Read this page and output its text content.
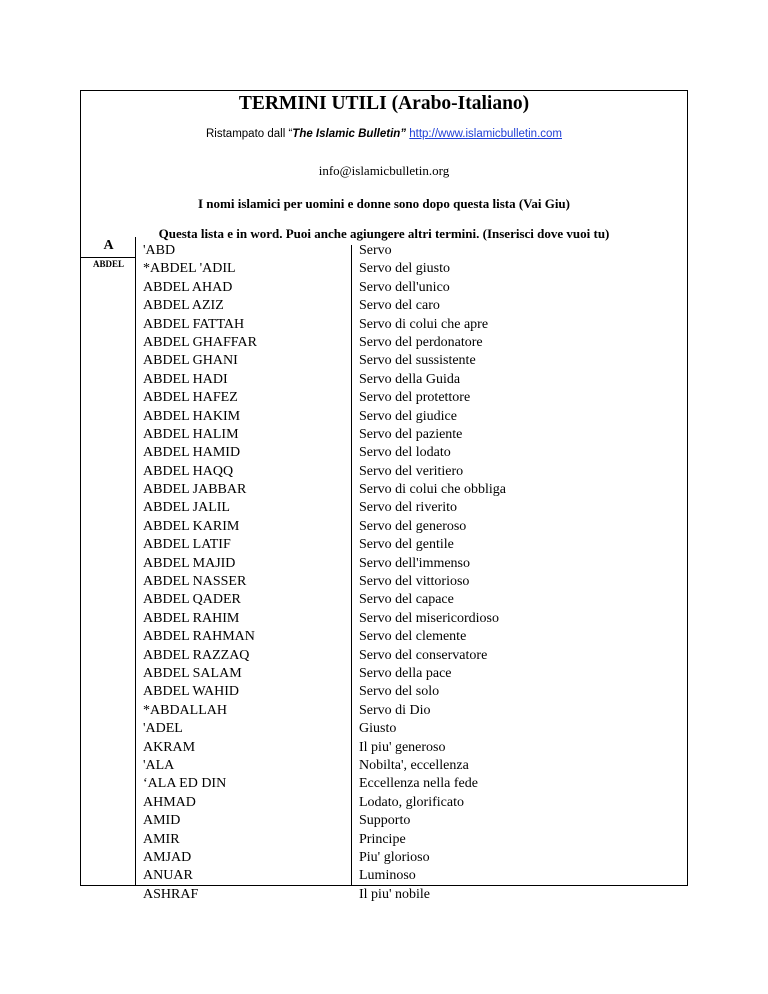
TERMINI UTILI (Arabo-Italiano)
Ristampato dall “The Islamic Bulletin” http://www.islamicbulletin.com
info@islamicbulletin.org
I nomi islamici per uomini e donne sono dopo questa lista (Vai Giu)
Questa lista e in word. Puoi anche agiungere altri termini. (Inserisci dove vuoi tu)
A
ABDEL
'ABD	Servo
*ABDEL 'ADIL	Servo del giusto
ABDEL AHAD	Servo dell'unico
ABDEL AZIZ	Servo del caro
ABDEL FATTAH	Servo di colui che apre
ABDEL GHAFFAR	Servo del perdonatore
ABDEL GHANI	Servo del sussistente
ABDEL HADI	Servo della Guida
ABDEL HAFEZ	Servo del protettore
ABDEL HAKIM	Servo del giudice
ABDEL HALIM	Servo del paziente
ABDEL HAMID	Servo del lodato
ABDEL HAQQ	Servo del veritiero
ABDEL JABBAR	Servo di colui che obbliga
ABDEL JALIL	Servo del riverito
ABDEL KARIM	Servo del generoso
ABDEL LATIF	Servo del gentile
ABDEL MAJID	Servo dell'immenso
ABDEL NASSER	Servo del vittorioso
ABDEL QADER	Servo del capace
ABDEL RAHIM	Servo del misericordioso
ABDEL RAHMAN	Servo del clemente
ABDEL RAZZAQ	Servo del conservatore
ABDEL SALAM	Servo della pace
ABDEL WAHID	Servo del solo
*ABDALLAH	Servo di Dio
'ADEL	Giusto
AKRAM	Il piu' generoso
'ALA	Nobilta', eccellenza
‘ALA ED DIN	Eccellenza nella fede
AHMAD	Lodato, glorificato
AMID	Supporto
AMIR	Principe
AMJAD	Piu' glorioso
ANUAR	Luminoso
ASHRAF	Il piu' nobile
